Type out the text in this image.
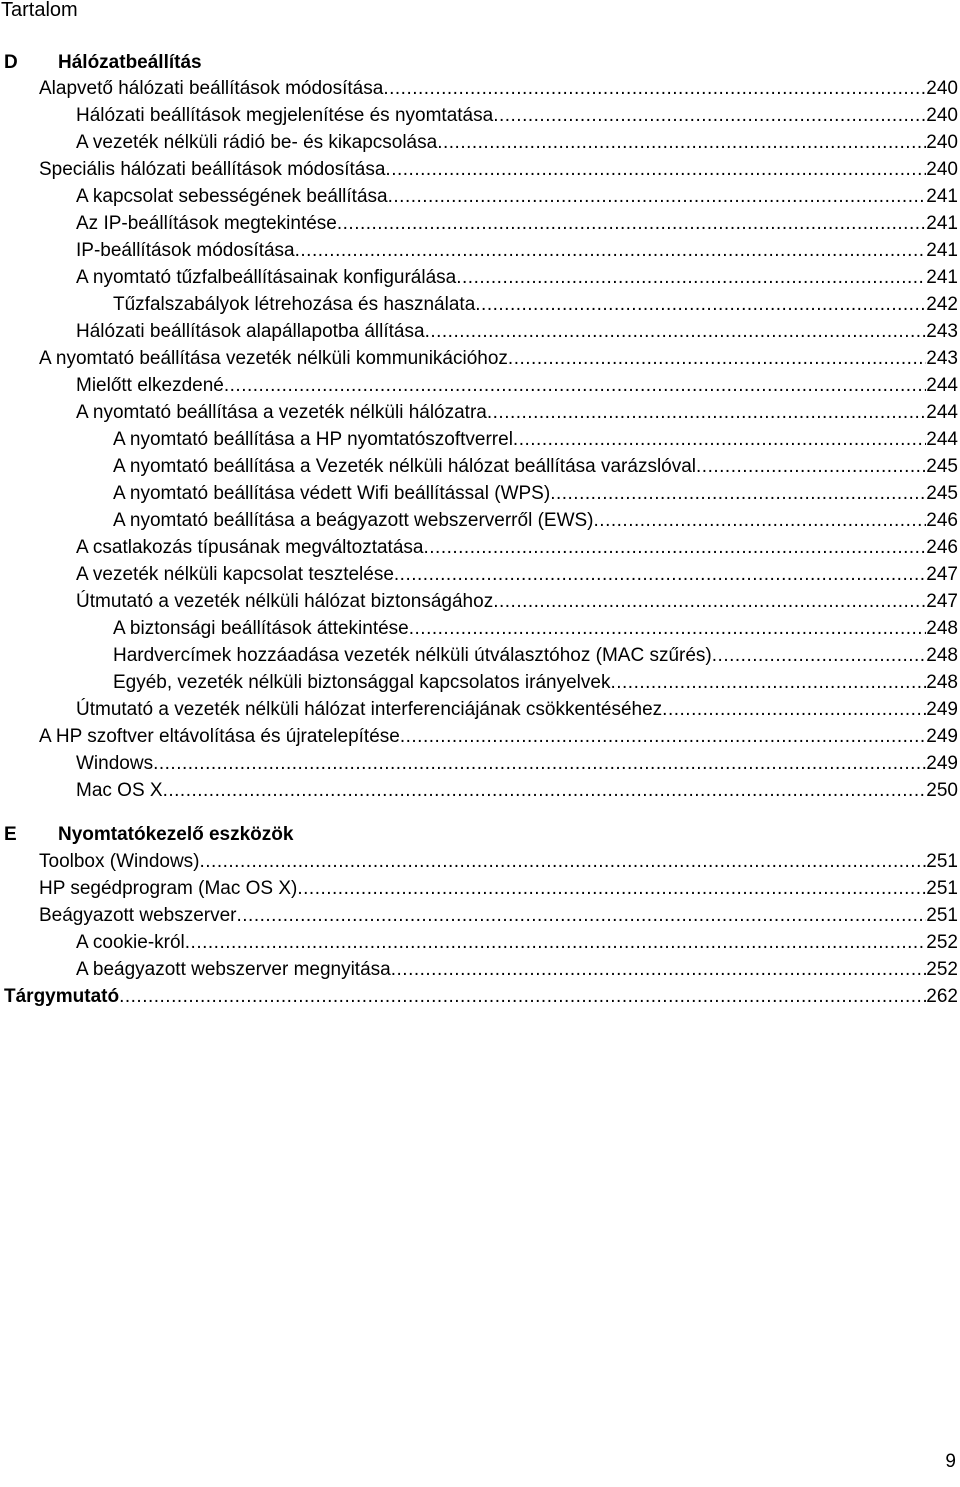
Tartalom
D	Hálózatbeállítás
Alapvető hálózati beállítások módosítása .....	240
Hálózati beállítások megjelenítése és nyomtatása .....	240
A vezeték nélküli rádió be- és kikapcsolása .....	240
Speciális hálózati beállítások módosítása .....	240
A kapcsolat sebességének beállítása .....	241
Az IP-beállítások megtekintése .....	241
IP-beállítások módosítása .....	241
A nyomtató tűzfalbeállításainak konfigurálása .....	241
Tűzfalszabályok létrehozása és használata .....	242
Hálózati beállítások alapállapotba állítása .....	243
A nyomtató beállítása vezeték nélküli kommunikációhoz .....	243
Mielőtt elkezdené .....	244
A nyomtató beállítása a vezeték nélküli hálózatra .....	244
A nyomtató beállítása a HP nyomtatószoftverrel .....	244
A nyomtató beállítása a Vezeték nélküli hálózat beállítása varázslóval .....	245
A nyomtató beállítása védett Wifi beállítással (WPS) .....	245
A nyomtató beállítása a beágyazott webszerverről (EWS) .....	246
A csatlakozás típusának megváltoztatása .....	246
A vezeték nélküli kapcsolat tesztelése .....	247
Útmutató a vezeték nélküli hálózat biztonságához .....	247
A biztonsági beállítások áttekintése .....	248
Hardvercímek hozzáadása vezeték nélküli útválasztóhoz (MAC szűrés) .....	248
Egyéb, vezeték nélküli biztonsággal kapcsolatos irányelvek .....	248
Útmutató a vezeték nélküli hálózat interferenciájának csökkentéséhez .....	249
A HP szoftver eltávolítása és újratelepítése .....	249
Windows .....	249
Mac OS X .....	250
E	Nyomtatókezelő eszközök
Toolbox (Windows) .....	251
HP segédprogram (Mac OS X) .....	251
Beágyazott webszerver .....	251
A cookie-król .....	252
A beágyazott webszerver megnyitása .....	252
Tárgymutató .....	262
9
